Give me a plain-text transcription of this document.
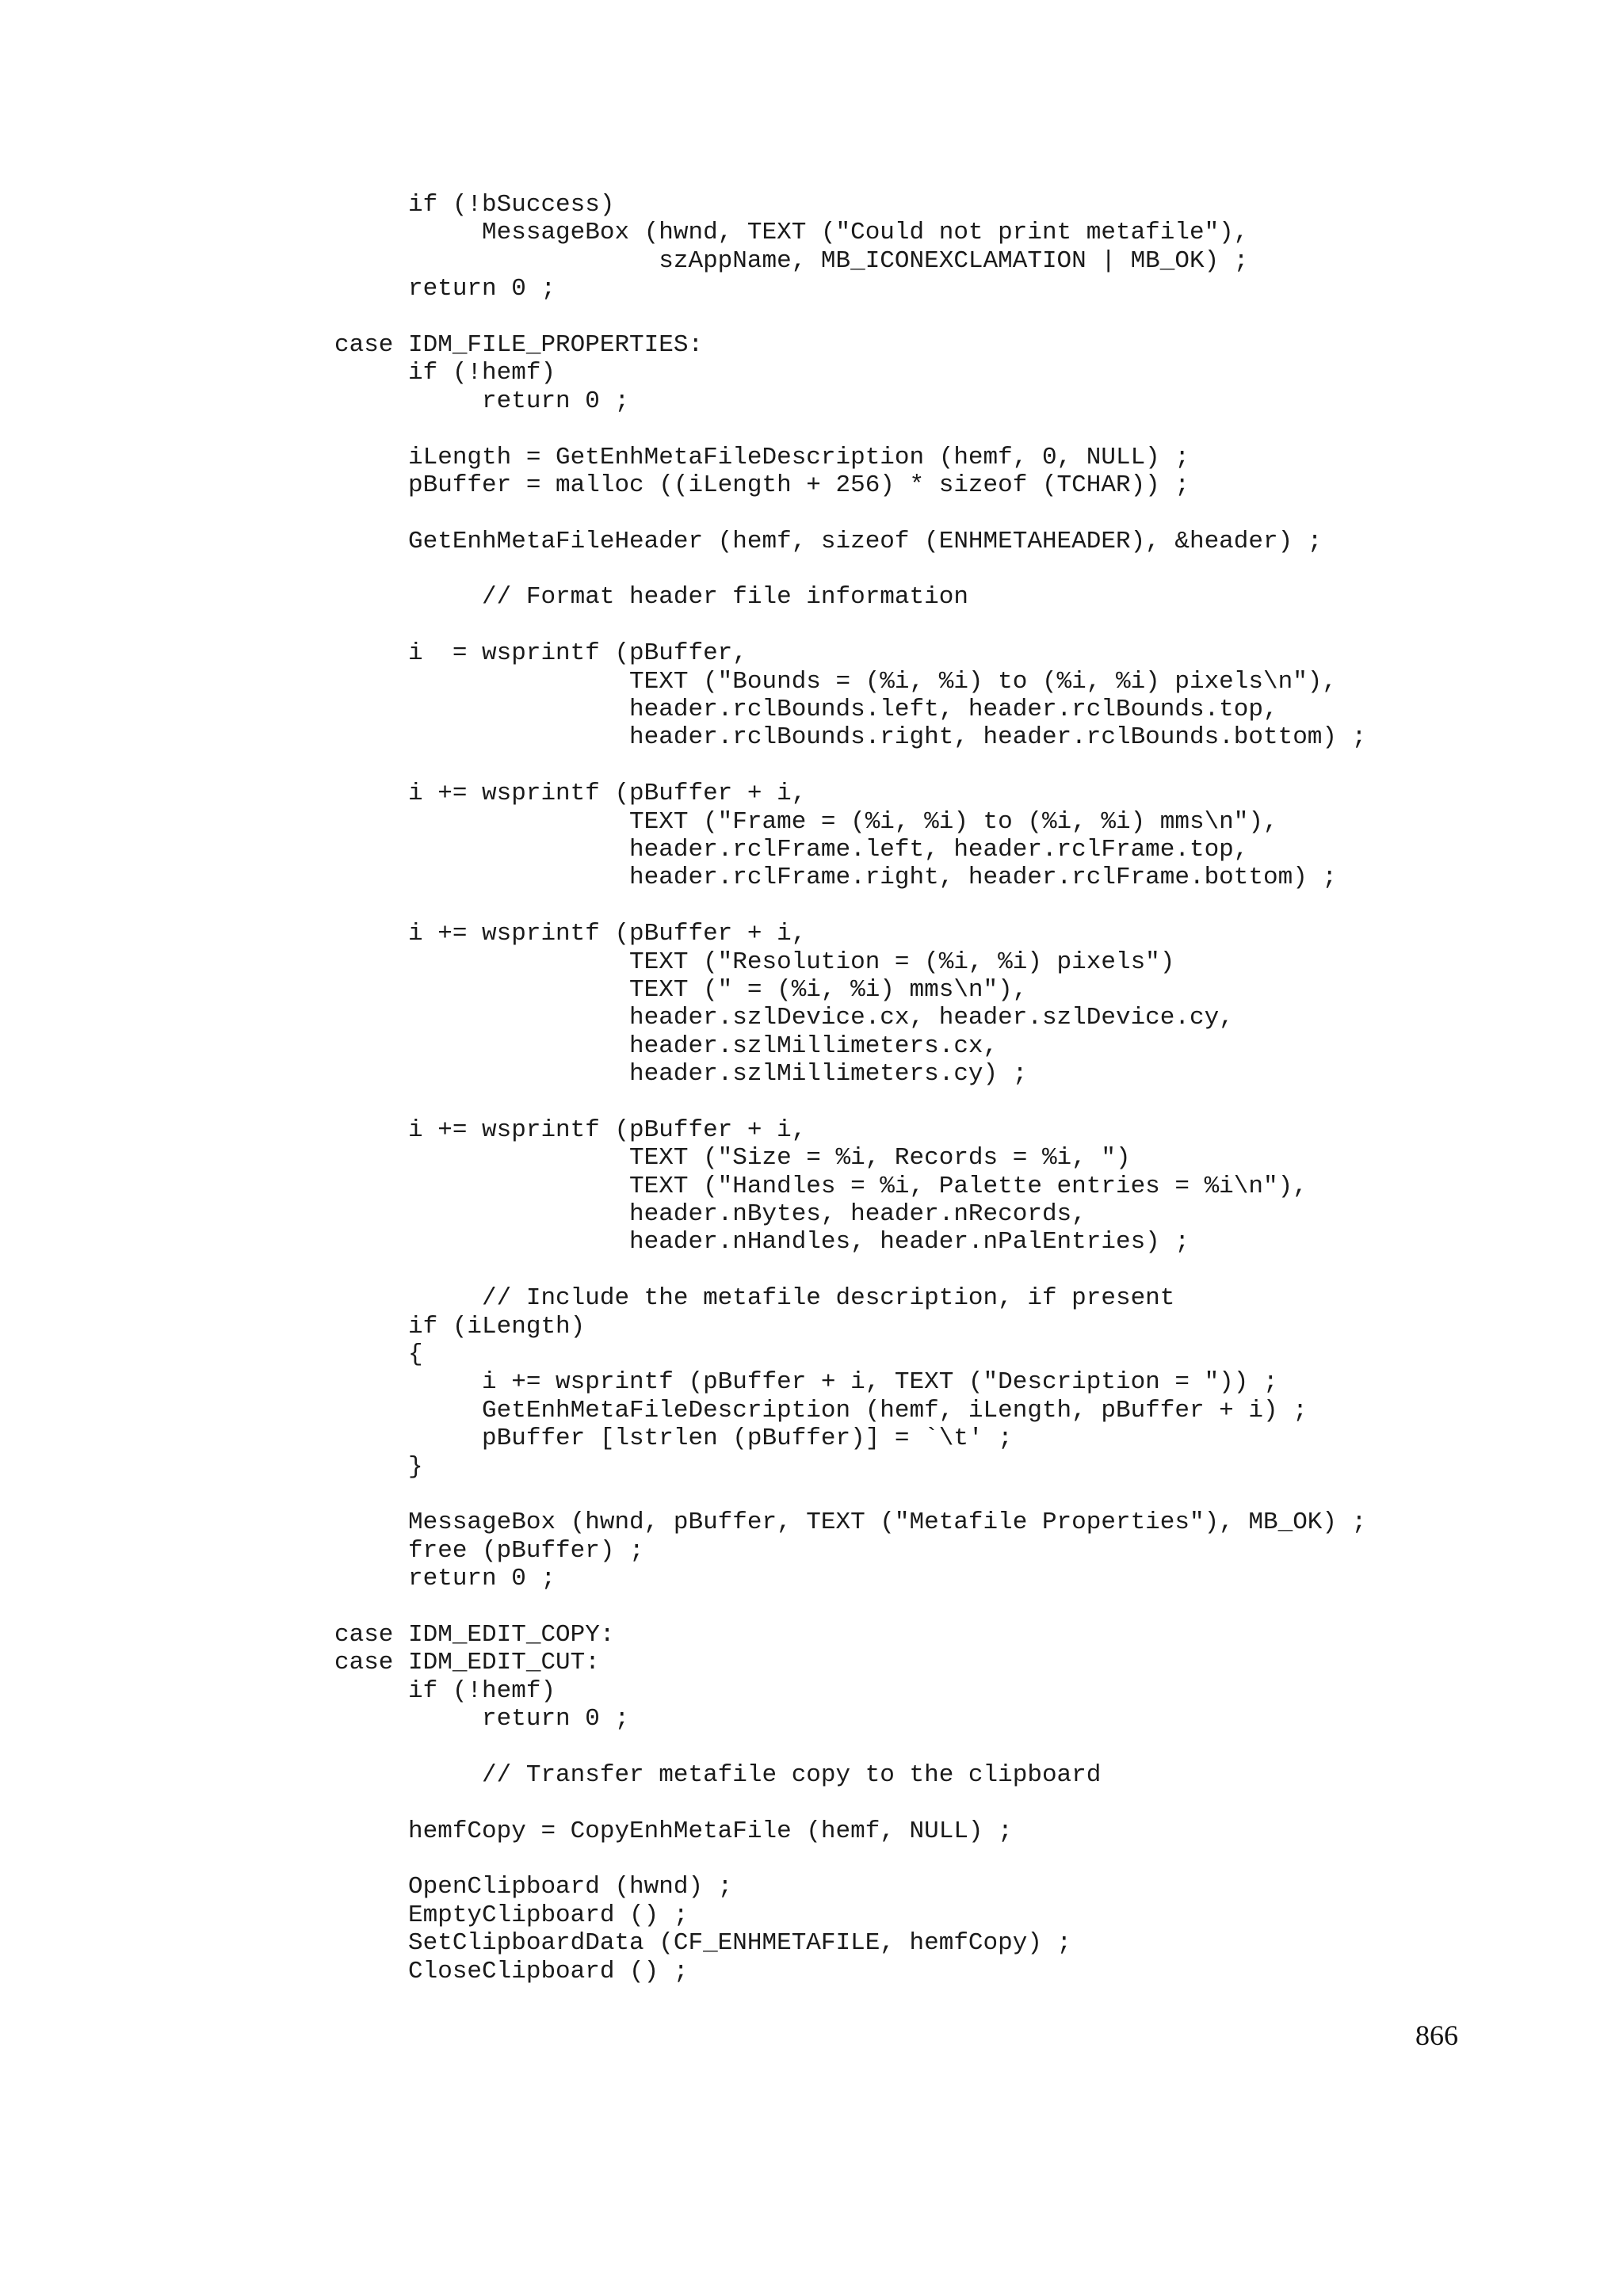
if (!bSuccess)
MessageBox (hwnd, TEXT ("Could not print metafile"),
szAppName, MB_ICONEXCLAMATION | MB_OK) ;
return 0 ;
case IDM_FILE_PROPERTIES:
if (!hemf)
return 0 ;
iLength = GetEnhMetaFileDescription (hemf, 0, NULL) ;
pBuffer = malloc ((iLength + 256) * sizeof (TCHAR)) ;
GetEnhMetaFileHeader (hemf, sizeof (ENHMETAHEADER), &header) ;
// Format header file information
i  = wsprintf (pBuffer,
TEXT ("Bounds = (%i, %i) to (%i, %i) pixels\n"),
header.rclBounds.left, header.rclBounds.top,
header.rclBounds.right, header.rclBounds.bottom) ;
i += wsprintf (pBuffer + i,
TEXT ("Frame = (%i, %i) to (%i, %i) mms\n"),
header.rclFrame.left, header.rclFrame.top,
header.rclFrame.right, header.rclFrame.bottom) ;
i += wsprintf (pBuffer + i,
TEXT ("Resolution = (%i, %i) pixels")
TEXT (" = (%i, %i) mms\n"),
header.szlDevice.cx, header.szlDevice.cy,
header.szlMillimeters.cx,
header.szlMillimeters.cy) ;
i += wsprintf (pBuffer + i,
TEXT ("Size = %i, Records = %i, ")
TEXT ("Handles = %i, Palette entries = %i\n"),
header.nBytes, header.nRecords,
header.nHandles, header.nPalEntries) ;
// Include the metafile description, if present
if (iLength)
{
i += wsprintf (pBuffer + i, TEXT ("Description = ")) ;
GetEnhMetaFileDescription (hemf, iLength, pBuffer + i) ;
pBuffer [lstrlen (pBuffer)] = `\t' ;
}
MessageBox (hwnd, pBuffer, TEXT ("Metafile Properties"), MB_OK) ;
free (pBuffer) ;
return 0 ;
case IDM_EDIT_COPY:
case IDM_EDIT_CUT:
if (!hemf)
return 0 ;
// Transfer metafile copy to the clipboard
hemfCopy = CopyEnhMetaFile (hemf, NULL) ;
OpenClipboard (hwnd) ;
EmptyClipboard () ;
SetClipboardData (CF_ENHMETAFILE, hemfCopy) ;
CloseClipboard () ;
866
